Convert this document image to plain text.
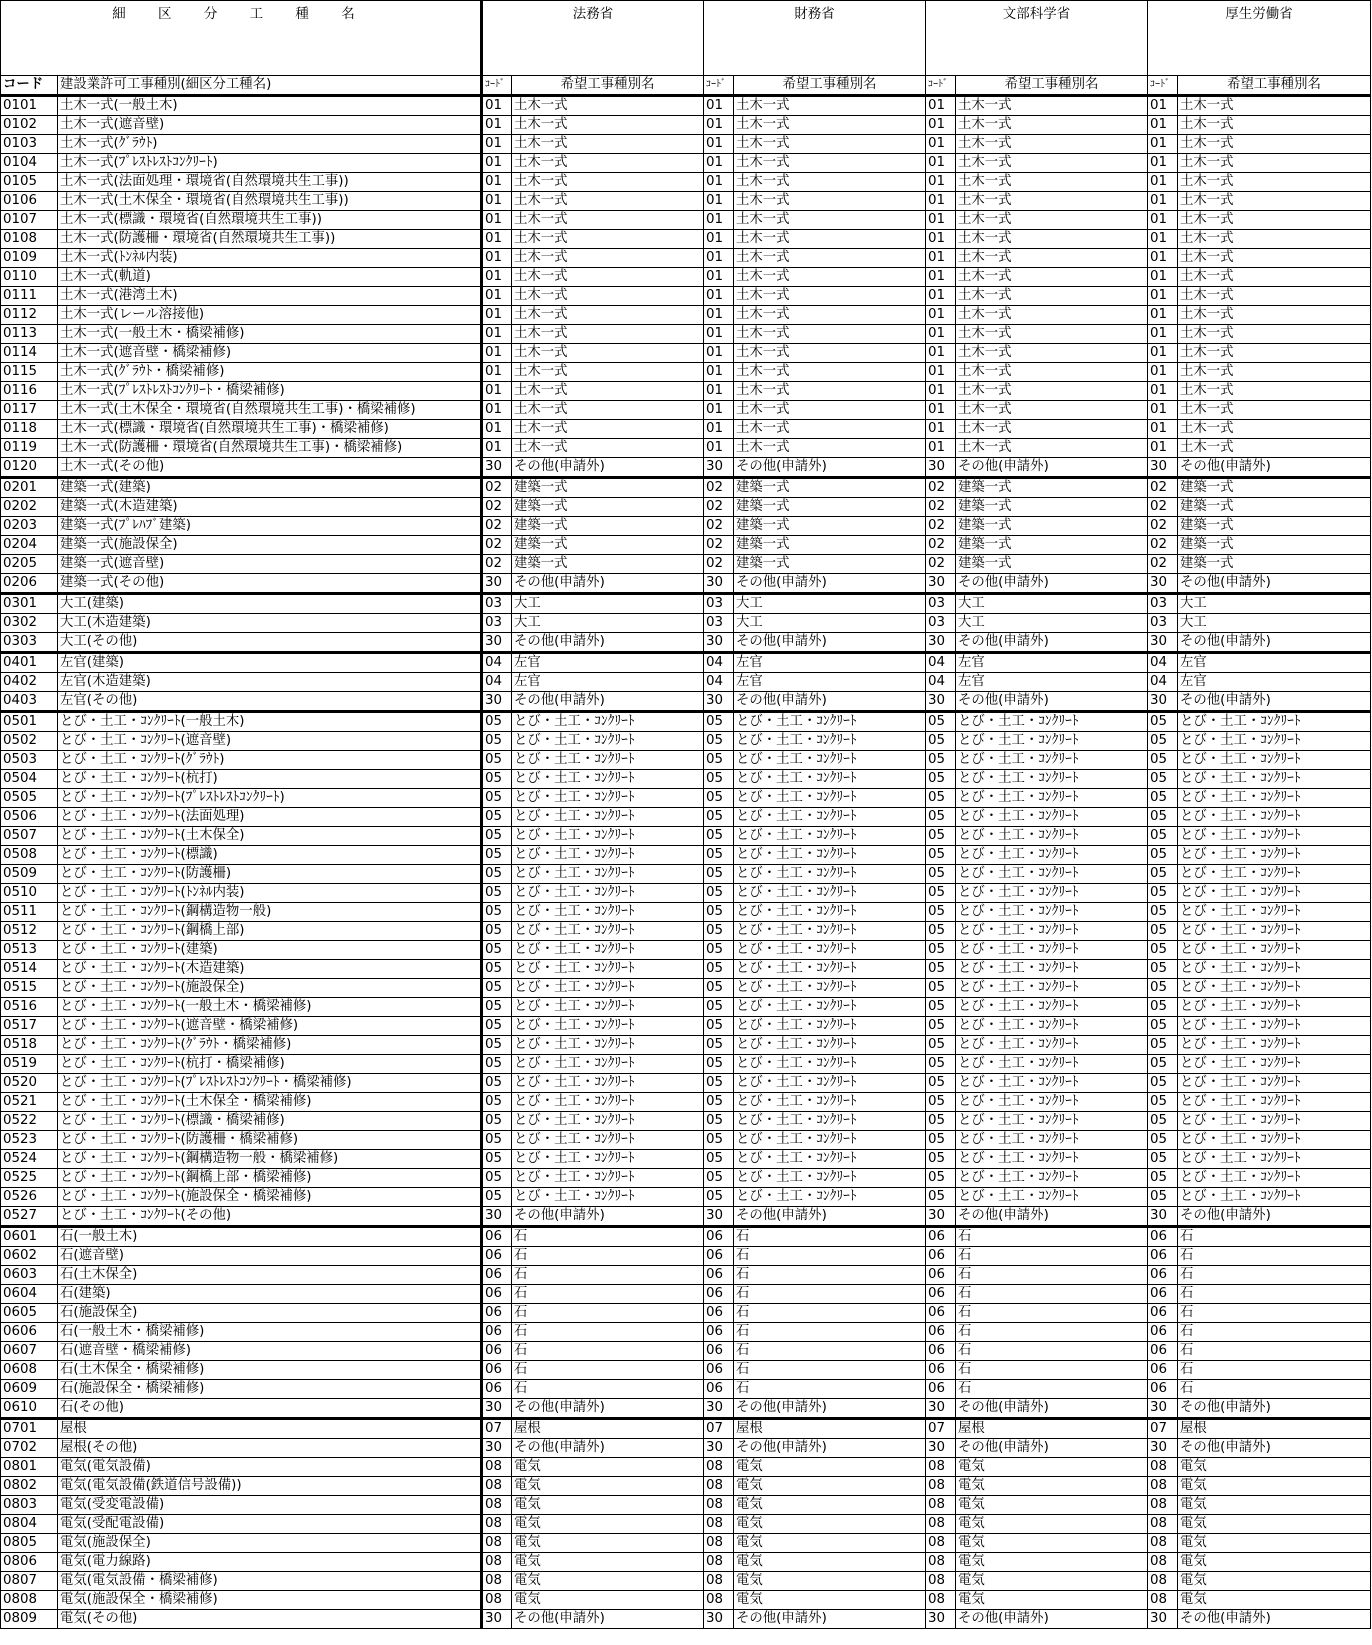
細 区 分 工 種 名		法務省		財務省		文部科学省		厚生労働省	
コード	建設業許可工事種別(細区分工種名)	ｺｰﾄﾞ	希望工事種別名	ｺｰﾄﾞ	希望工事種別名	ｺｰﾄﾞ	希望工事種別名	ｺｰﾄﾞ	希望工事種別名
0101	土木一式(一般土木)	01	土木一式	01	土木一式	01	土木一式	01	土木一式
0102	土木一式(遮音壁)	01	土木一式	01	土木一式	01	土木一式	01	土木一式
0103	土木一式(ｸﾞﾗｳﾄ)	01	土木一式	01	土木一式	01	土木一式	01	土木一式
0104	土木一式(ﾌﾟﾚｽﾄﾚｽﾄｺﾝｸﾘｰﾄ)	01	土木一式	01	土木一式	01	土木一式	01	土木一式
0105	土木一式(法面処理・環境省(自然環境共生工事))	01	土木一式	01	土木一式	01	土木一式	01	土木一式
0106	土木一式(土木保全・環境省(自然環境共生工事))	01	土木一式	01	土木一式	01	土木一式	01	土木一式
0107	土木一式(標識・環境省(自然環境共生工事))	01	土木一式	01	土木一式	01	土木一式	01	土木一式
0108	土木一式(防護柵・環境省(自然環境共生工事))	01	土木一式	01	土木一式	01	土木一式	01	土木一式
0109	土木一式(ﾄﾝﾈﾙ内装)	01	土木一式	01	土木一式	01	土木一式	01	土木一式
0110	土木一式(軌道)	01	土木一式	01	土木一式	01	土木一式	01	土木一式
0111	土木一式(港湾土木)	01	土木一式	01	土木一式	01	土木一式	01	土木一式
0112	土木一式(レール溶接他)	01	土木一式	01	土木一式	01	土木一式	01	土木一式
0113	土木一式(一般土木・橋梁補修)	01	土木一式	01	土木一式	01	土木一式	01	土木一式
0114	土木一式(遮音壁・橋梁補修)	01	土木一式	01	土木一式	01	土木一式	01	土木一式
0115	土木一式(ｸﾞﾗｳﾄ・橋梁補修)	01	土木一式	01	土木一式	01	土木一式	01	土木一式
0116	土木一式(ﾌﾟﾚｽﾄﾚｽﾄｺﾝｸﾘｰﾄ・橋梁補修)	01	土木一式	01	土木一式	01	土木一式	01	土木一式
0117	土木一式(土木保全・環境省(自然環境共生工事)・橋梁補修)	01	土木一式	01	土木一式	01	土木一式	01	土木一式
0118	土木一式(標識・環境省(自然環境共生工事)・橋梁補修)	01	土木一式	01	土木一式	01	土木一式	01	土木一式
0119	土木一式(防護柵・環境省(自然環境共生工事)・橋梁補修)	01	土木一式	01	土木一式	01	土木一式	01	土木一式
0120	土木一式(その他)	30	その他(申請外)	30	その他(申請外)	30	その他(申請外)	30	その他(申請外)
0201	建築一式(建築)	02	建築一式	02	建築一式	02	建築一式	02	建築一式
0202	建築一式(木造建築)	02	建築一式	02	建築一式	02	建築一式	02	建築一式
0203	建築一式(ﾌﾟﾚﾊﾌﾞ建築)	02	建築一式	02	建築一式	02	建築一式	02	建築一式
0204	建築一式(施設保全)	02	建築一式	02	建築一式	02	建築一式	02	建築一式
0205	建築一式(遮音壁)	02	建築一式	02	建築一式	02	建築一式	02	建築一式
0206	建築一式(その他)	30	その他(申請外)	30	その他(申請外)	30	その他(申請外)	30	その他(申請外)
0301	大工(建築)	03	大工	03	大工	03	大工	03	大工
0302	大工(木造建築)	03	大工	03	大工	03	大工	03	大工
0303	大工(その他)	30	その他(申請外)	30	その他(申請外)	30	その他(申請外)	30	その他(申請外)
0401	左官(建築)	04	左官	04	左官	04	左官	04	左官
0402	左官(木造建築)	04	左官	04	左官	04	左官	04	左官
0403	左官(その他)	30	その他(申請外)	30	その他(申請外)	30	その他(申請外)	30	その他(申請外)
0501	とび・土工・ｺﾝｸﾘｰﾄ(一般土木)	05	とび・土工・ｺﾝｸﾘｰﾄ	05	とび・土工・ｺﾝｸﾘｰﾄ	05	とび・土工・ｺﾝｸﾘｰﾄ	05	とび・土工・ｺﾝｸﾘｰﾄ
0502	とび・土工・ｺﾝｸﾘｰﾄ(遮音壁)	05	とび・土工・ｺﾝｸﾘｰﾄ	05	とび・土工・ｺﾝｸﾘｰﾄ	05	とび・土工・ｺﾝｸﾘｰﾄ	05	とび・土工・ｺﾝｸﾘｰﾄ
0503	とび・土工・ｺﾝｸﾘｰﾄ(ｸﾞﾗｳﾄ)	05	とび・土工・ｺﾝｸﾘｰﾄ	05	とび・土工・ｺﾝｸﾘｰﾄ	05	とび・土工・ｺﾝｸﾘｰﾄ	05	とび・土工・ｺﾝｸﾘｰﾄ
0504	とび・土工・ｺﾝｸﾘｰﾄ(杭打)	05	とび・土工・ｺﾝｸﾘｰﾄ	05	とび・土工・ｺﾝｸﾘｰﾄ	05	とび・土工・ｺﾝｸﾘｰﾄ	05	とび・土工・ｺﾝｸﾘｰﾄ
0505	とび・土工・ｺﾝｸﾘｰﾄ(ﾌﾟﾚｽﾄﾚｽﾄｺﾝｸﾘｰﾄ)	05	とび・土工・ｺﾝｸﾘｰﾄ	05	とび・土工・ｺﾝｸﾘｰﾄ	05	とび・土工・ｺﾝｸﾘｰﾄ	05	とび・土工・ｺﾝｸﾘｰﾄ
0506	とび・土工・ｺﾝｸﾘｰﾄ(法面処理)	05	とび・土工・ｺﾝｸﾘｰﾄ	05	とび・土工・ｺﾝｸﾘｰﾄ	05	とび・土工・ｺﾝｸﾘｰﾄ	05	とび・土工・ｺﾝｸﾘｰﾄ
0507	とび・土工・ｺﾝｸﾘｰﾄ(土木保全)	05	とび・土工・ｺﾝｸﾘｰﾄ	05	とび・土工・ｺﾝｸﾘｰﾄ	05	とび・土工・ｺﾝｸﾘｰﾄ	05	とび・土工・ｺﾝｸﾘｰﾄ
0508	とび・土工・ｺﾝｸﾘｰﾄ(標識)	05	とび・土工・ｺﾝｸﾘｰﾄ	05	とび・土工・ｺﾝｸﾘｰﾄ	05	とび・土工・ｺﾝｸﾘｰﾄ	05	とび・土工・ｺﾝｸﾘｰﾄ
0509	とび・土工・ｺﾝｸﾘｰﾄ(防護柵)	05	とび・土工・ｺﾝｸﾘｰﾄ	05	とび・土工・ｺﾝｸﾘｰﾄ	05	とび・土工・ｺﾝｸﾘｰﾄ	05	とび・土工・ｺﾝｸﾘｰﾄ
0510	とび・土工・ｺﾝｸﾘｰﾄ(ﾄﾝﾈﾙ内装)	05	とび・土工・ｺﾝｸﾘｰﾄ	05	とび・土工・ｺﾝｸﾘｰﾄ	05	とび・土工・ｺﾝｸﾘｰﾄ	05	とび・土工・ｺﾝｸﾘｰﾄ
0511	とび・土工・ｺﾝｸﾘｰﾄ(鋼構造物一般)	05	とび・土工・ｺﾝｸﾘｰﾄ	05	とび・土工・ｺﾝｸﾘｰﾄ	05	とび・土工・ｺﾝｸﾘｰﾄ	05	とび・土工・ｺﾝｸﾘｰﾄ
0512	とび・土工・ｺﾝｸﾘｰﾄ(鋼橋上部)	05	とび・土工・ｺﾝｸﾘｰﾄ	05	とび・土工・ｺﾝｸﾘｰﾄ	05	とび・土工・ｺﾝｸﾘｰﾄ	05	とび・土工・ｺﾝｸﾘｰﾄ
0513	とび・土工・ｺﾝｸﾘｰﾄ(建築)	05	とび・土工・ｺﾝｸﾘｰﾄ	05	とび・土工・ｺﾝｸﾘｰﾄ	05	とび・土工・ｺﾝｸﾘｰﾄ	05	とび・土工・ｺﾝｸﾘｰﾄ
0514	とび・土工・ｺﾝｸﾘｰﾄ(木造建築)	05	とび・土工・ｺﾝｸﾘｰﾄ	05	とび・土工・ｺﾝｸﾘｰﾄ	05	とび・土工・ｺﾝｸﾘｰﾄ	05	とび・土工・ｺﾝｸﾘｰﾄ
0515	とび・土工・ｺﾝｸﾘｰﾄ(施設保全)	05	とび・土工・ｺﾝｸﾘｰﾄ	05	とび・土工・ｺﾝｸﾘｰﾄ	05	とび・土工・ｺﾝｸﾘｰﾄ	05	とび・土工・ｺﾝｸﾘｰﾄ
0516	とび・土工・ｺﾝｸﾘｰﾄ(一般土木・橋梁補修)	05	とび・土工・ｺﾝｸﾘｰﾄ	05	とび・土工・ｺﾝｸﾘｰﾄ	05	とび・土工・ｺﾝｸﾘｰﾄ	05	とび・土工・ｺﾝｸﾘｰﾄ
0517	とび・土工・ｺﾝｸﾘｰﾄ(遮音壁・橋梁補修)	05	とび・土工・ｺﾝｸﾘｰﾄ	05	とび・土工・ｺﾝｸﾘｰﾄ	05	とび・土工・ｺﾝｸﾘｰﾄ	05	とび・土工・ｺﾝｸﾘｰﾄ
0518	とび・土工・ｺﾝｸﾘｰﾄ(ｸﾞﾗｳﾄ・橋梁補修)	05	とび・土工・ｺﾝｸﾘｰﾄ	05	とび・土工・ｺﾝｸﾘｰﾄ	05	とび・土工・ｺﾝｸﾘｰﾄ	05	とび・土工・ｺﾝｸﾘｰﾄ
0519	とび・土工・ｺﾝｸﾘｰﾄ(杭打・橋梁補修)	05	とび・土工・ｺﾝｸﾘｰﾄ	05	とび・土工・ｺﾝｸﾘｰﾄ	05	とび・土工・ｺﾝｸﾘｰﾄ	05	とび・土工・ｺﾝｸﾘｰﾄ
0520	とび・土工・ｺﾝｸﾘｰﾄ(ﾌﾟﾚｽﾄﾚｽﾄｺﾝｸﾘｰﾄ・橋梁補修)	05	とび・土工・ｺﾝｸﾘｰﾄ	05	とび・土工・ｺﾝｸﾘｰﾄ	05	とび・土工・ｺﾝｸﾘｰﾄ	05	とび・土工・ｺﾝｸﾘｰﾄ
0521	とび・土工・ｺﾝｸﾘｰﾄ(土木保全・橋梁補修)	05	とび・土工・ｺﾝｸﾘｰﾄ	05	とび・土工・ｺﾝｸﾘｰﾄ	05	とび・土工・ｺﾝｸﾘｰﾄ	05	とび・土工・ｺﾝｸﾘｰﾄ
0522	とび・土工・ｺﾝｸﾘｰﾄ(標識・橋梁補修)	05	とび・土工・ｺﾝｸﾘｰﾄ	05	とび・土工・ｺﾝｸﾘｰﾄ	05	とび・土工・ｺﾝｸﾘｰﾄ	05	とび・土工・ｺﾝｸﾘｰﾄ
0523	とび・土工・ｺﾝｸﾘｰﾄ(防護柵・橋梁補修)	05	とび・土工・ｺﾝｸﾘｰﾄ	05	とび・土工・ｺﾝｸﾘｰﾄ	05	とび・土工・ｺﾝｸﾘｰﾄ	05	とび・土工・ｺﾝｸﾘｰﾄ
0524	とび・土工・ｺﾝｸﾘｰﾄ(鋼構造物一般・橋梁補修)	05	とび・土工・ｺﾝｸﾘｰﾄ	05	とび・土工・ｺﾝｸﾘｰﾄ	05	とび・土工・ｺﾝｸﾘｰﾄ	05	とび・土工・ｺﾝｸﾘｰﾄ
0525	とび・土工・ｺﾝｸﾘｰﾄ(鋼橋上部・橋梁補修)	05	とび・土工・ｺﾝｸﾘｰﾄ	05	とび・土工・ｺﾝｸﾘｰﾄ	05	とび・土工・ｺﾝｸﾘｰﾄ	05	とび・土工・ｺﾝｸﾘｰﾄ
0526	とび・土工・ｺﾝｸﾘｰﾄ(施設保全・橋梁補修)	05	とび・土工・ｺﾝｸﾘｰﾄ	05	とび・土工・ｺﾝｸﾘｰﾄ	05	とび・土工・ｺﾝｸﾘｰﾄ	05	とび・土工・ｺﾝｸﾘｰﾄ
0527	とび・土工・ｺﾝｸﾘｰﾄ(その他)	30	その他(申請外)	30	その他(申請外)	30	その他(申請外)	30	その他(申請外)
0601	石(一般土木)	06	石	06	石	06	石	06	石
0602	石(遮音壁)	06	石	06	石	06	石	06	石
0603	石(土木保全)	06	石	06	石	06	石	06	石
0604	石(建築)	06	石	06	石	06	石	06	石
0605	石(施設保全)	06	石	06	石	06	石	06	石
0606	石(一般土木・橋梁補修)	06	石	06	石	06	石	06	石
0607	石(遮音壁・橋梁補修)	06	石	06	石	06	石	06	石
0608	石(土木保全・橋梁補修)	06	石	06	石	06	石	06	石
0609	石(施設保全・橋梁補修)	06	石	06	石	06	石	06	石
0610	石(その他)	30	その他(申請外)	30	その他(申請外)	30	その他(申請外)	30	その他(申請外)
0701	屋根	07	屋根	07	屋根	07	屋根	07	屋根
0702	屋根(その他)	30	その他(申請外)	30	その他(申請外)	30	その他(申請外)	30	その他(申請外)
0801	電気(電気設備)	08	電気	08	電気	08	電気	08	電気
0802	電気(電気設備(鉄道信号設備))	08	電気	08	電気	08	電気	08	電気
0803	電気(受変電設備)	08	電気	08	電気	08	電気	08	電気
0804	電気(受配電設備)	08	電気	08	電気	08	電気	08	電気
0805	電気(施設保全)	08	電気	08	電気	08	電気	08	電気
0806	電気(電力線路)	08	電気	08	電気	08	電気	08	電気
0807	電気(電気設備・橋梁補修)	08	電気	08	電気	08	電気	08	電気
0808	電気(施設保全・橋梁補修)	08	電気	08	電気	08	電気	08	電気
0809	電気(その他)	30	その他(申請外)	30	その他(申請外)	30	その他(申請外)	30	その他(申請外)
